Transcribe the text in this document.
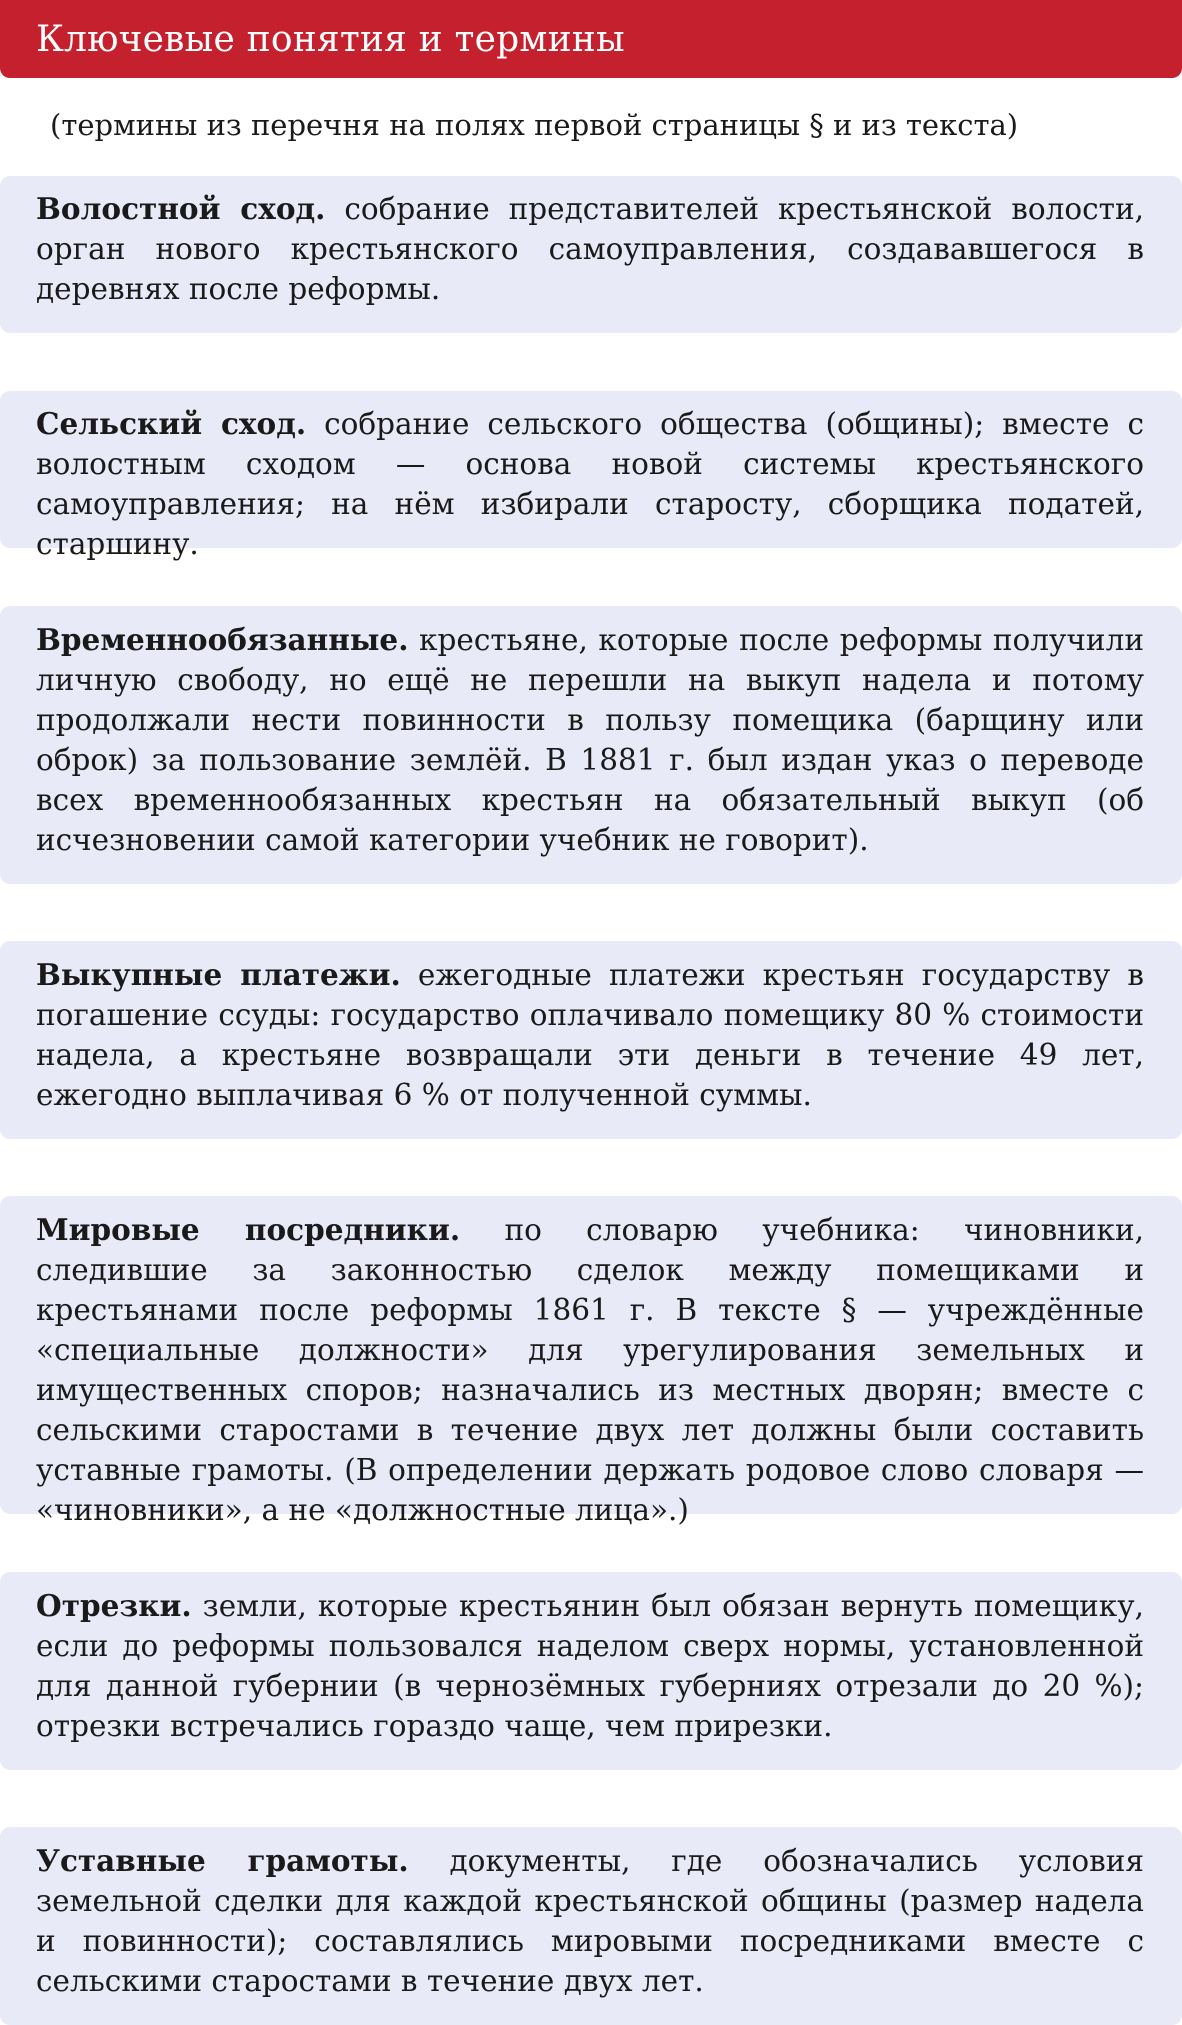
Ключевые понятия и термины
(термины из перечня на полях первой страницы § и из текста)

Волостной сход. собрание представителей крестьянской волости, орган нового крестьянского самоуправления, создававшегося в деревнях после реформы.

Сельский сход. собрание сельского общества (общины); вместе с волостным сходом — основа новой системы крестьянского самоуправления; на нём избирали старосту, сборщика податей, старшину.

Временнообязанные. крестьяне, которые после реформы получили личную свободу, но ещё не перешли на выкуп надела и потому продолжали нести повинности в пользу помещика (барщину или оброк) за пользование землёй. В 1881 г. был издан указ о переводе всех временнообязанных крестьян на обязательный выкуп (об исчезновении самой категории учебник не говорит).

Выкупные платежи. ежегодные платежи крестьян государству в погашение ссуды: государство оплачивало помещику 80 % стоимости надела, а крестьяне возвращали эти деньги в течение 49 лет, ежегодно выплачивая 6 % от полученной суммы.

Мировые посредники. по словарю учебника: чиновники, следившие за законностью сделок между помещиками и крестьянами после реформы 1861 г. В тексте § — учреждённые «специальные должности» для урегулирования земельных и имущественных споров; назначались из местных дворян; вместе с сельскими старостами в течение двух лет должны были составить уставные грамоты. (В определении держать родовое слово словаря — «чиновники», а не «должностные лица».)

Отрезки. земли, которые крестьянин был обязан вернуть помещику, если до реформы пользовался наделом сверх нормы, установленной для данной губернии (в чернозёмных губерниях отрезали до 20 %); отрезки встречались гораздо чаще, чем прирезки.

Уставные грамоты. документы, где обозначались условия земельной сделки для каждой крестьянской общины (размер надела и повинности); составлялись мировыми посредниками вместе с сельскими старостами в течение двух лет.
